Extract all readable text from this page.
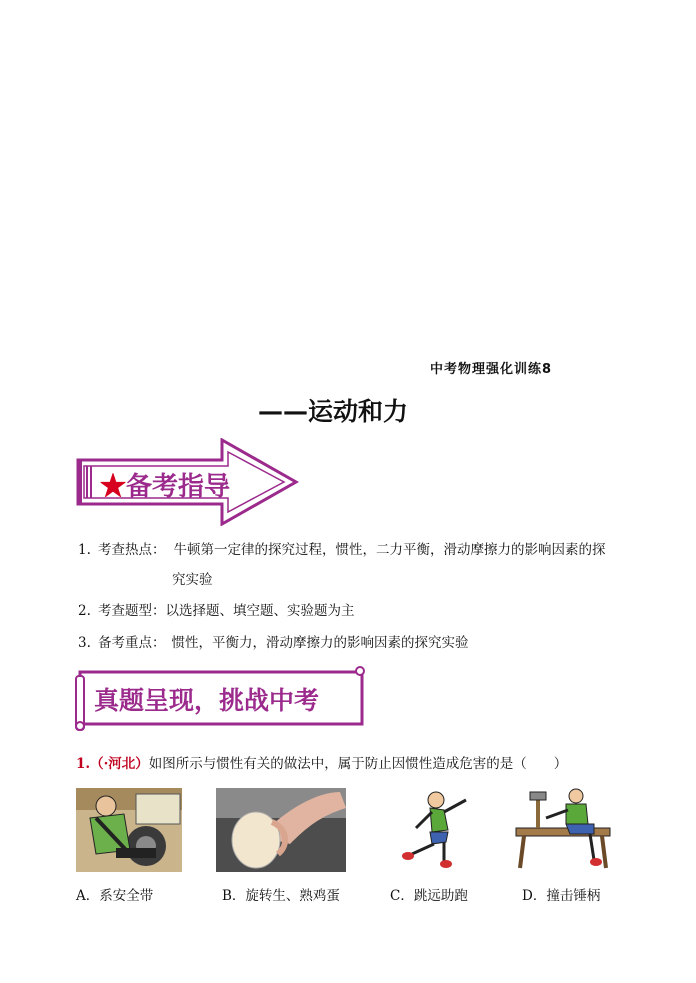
中考物理强化训练8
——运动和力
★备考指导
1. 考查热点： 牛顿第一定律的探究过程，惯性，二力平衡，滑动摩擦力的影响因素的探
究实验
2. 考查题型：以选择题、填空题、实验题为主
3. 备考重点： 惯性，平衡力，滑动摩擦力的影响因素的探究实验
真题呈现，挑战中考
1.（·河北）如图所示与惯性有关的做法中，属于防止因惯性造成危害的是（　　）
A．系安全带	B．旋转生、熟鸡蛋	C．跳远助跑	D．撞击锤柄
